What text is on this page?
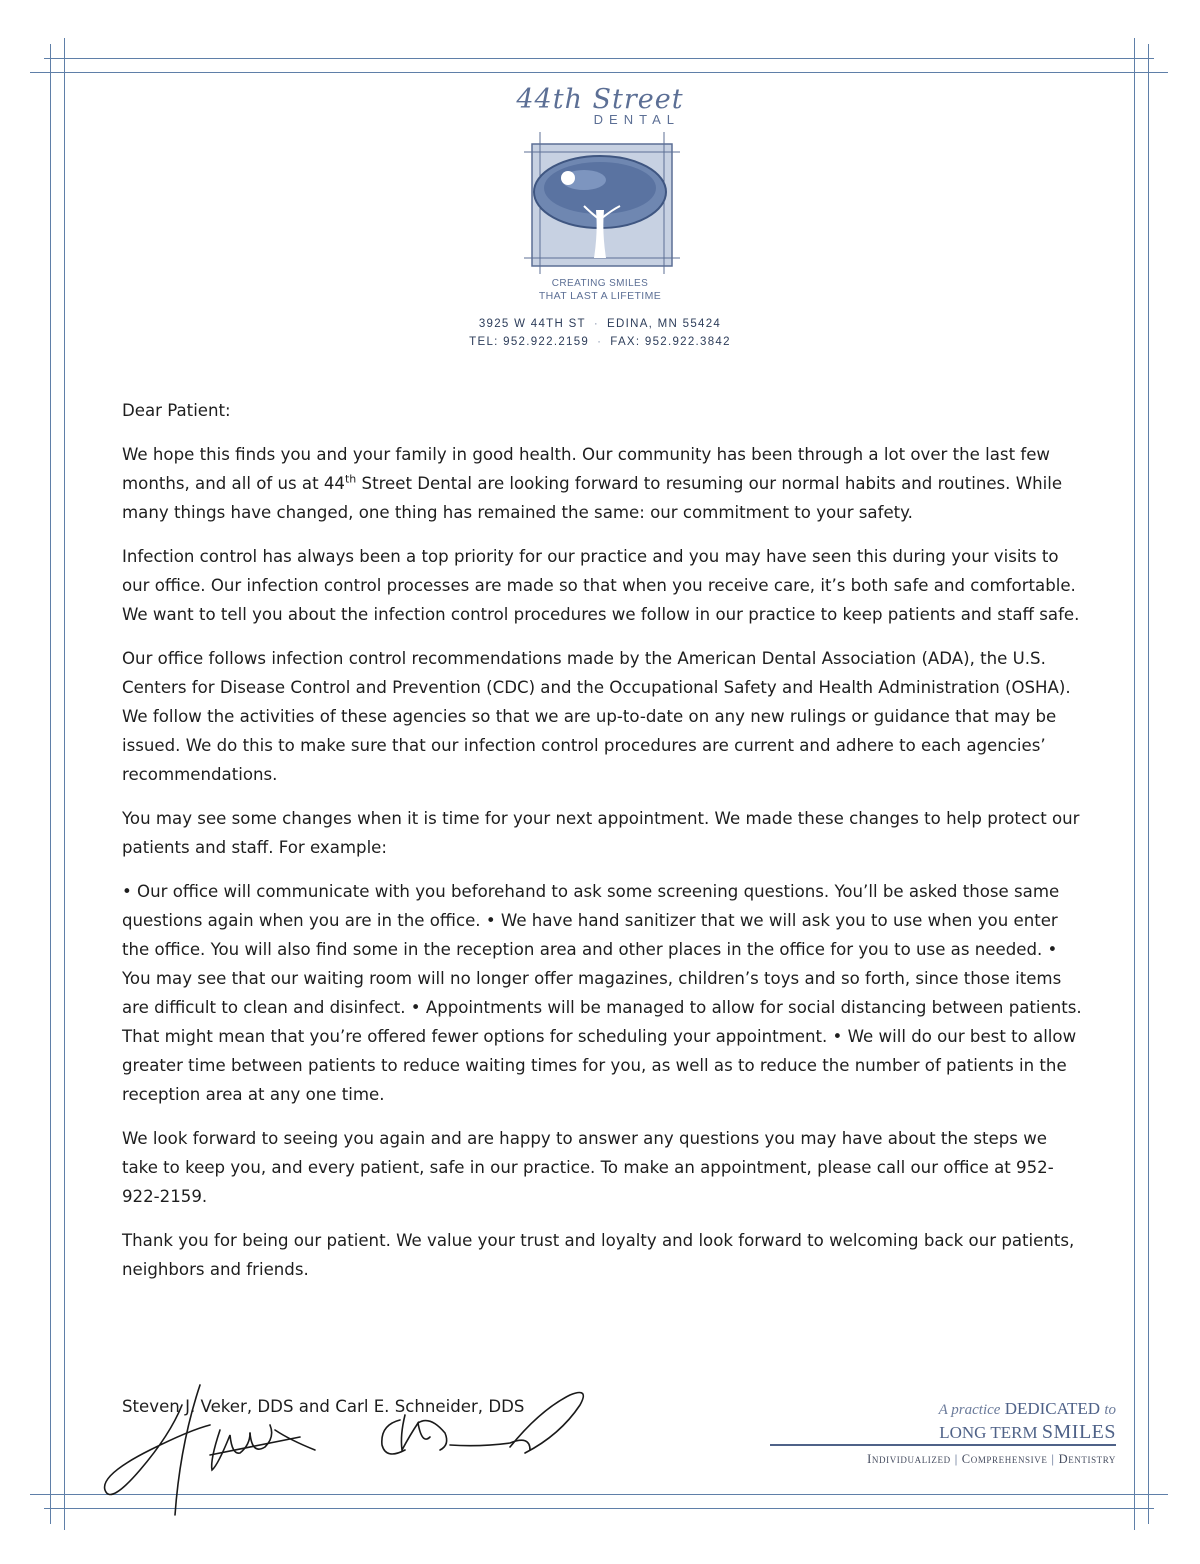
44th Street
DENTAL
CREATING SMILES
THAT LAST A LIFETIME
3925 W 44TH ST · EDINA, MN 55424
TEL: 952.922.2159 · FAX: 952.922.3842

Dear Patient:

We hope this finds you and your family in good health. Our community has been through a lot over the last few months, and all of us at 44th Street Dental are looking forward to resuming our normal habits and routines. While many things have changed, one thing has remained the same: our commitment to your safety.

Infection control has always been a top priority for our practice and you may have seen this during your visits to our office. Our infection control processes are made so that when you receive care, it’s both safe and comfortable. We want to tell you about the infection control procedures we follow in our practice to keep patients and staff safe.

Our office follows infection control recommendations made by the American Dental Association (ADA), the U.S. Centers for Disease Control and Prevention (CDC) and the Occupational Safety and Health Administration (OSHA). We follow the activities of these agencies so that we are up-to-date on any new rulings or guidance that may be issued. We do this to make sure that our infection control procedures are current and adhere to each agencies’ recommendations.

You may see some changes when it is time for your next appointment. We made these changes to help protect our patients and staff. For example:

• Our office will communicate with you beforehand to ask some screening questions. You’ll be asked those same questions again when you are in the office. • We have hand sanitizer that we will ask you to use when you enter the office. You will also find some in the reception area and other places in the office for you to use as needed. • You may see that our waiting room will no longer offer magazines, children’s toys and so forth, since those items are difficult to clean and disinfect. • Appointments will be managed to allow for social distancing between patients. That might mean that you’re offered fewer options for scheduling your appointment. • We will do our best to allow greater time between patients to reduce waiting times for you, as well as to reduce the number of patients in the reception area at any one time.

We look forward to seeing you again and are happy to answer any questions you may have about the steps we take to keep you, and every patient, safe in our practice. To make an appointment, please call our office at 952-922-2159.

Thank you for being our patient. We value your trust and loyalty and look forward to welcoming back our patients, neighbors and friends.

Steven J. Veker, DDS and Carl E. Schneider, DDS	A practice DEDICATED to
LONG TERM SMILES
Individualized | Comprehensive | Dentistry
